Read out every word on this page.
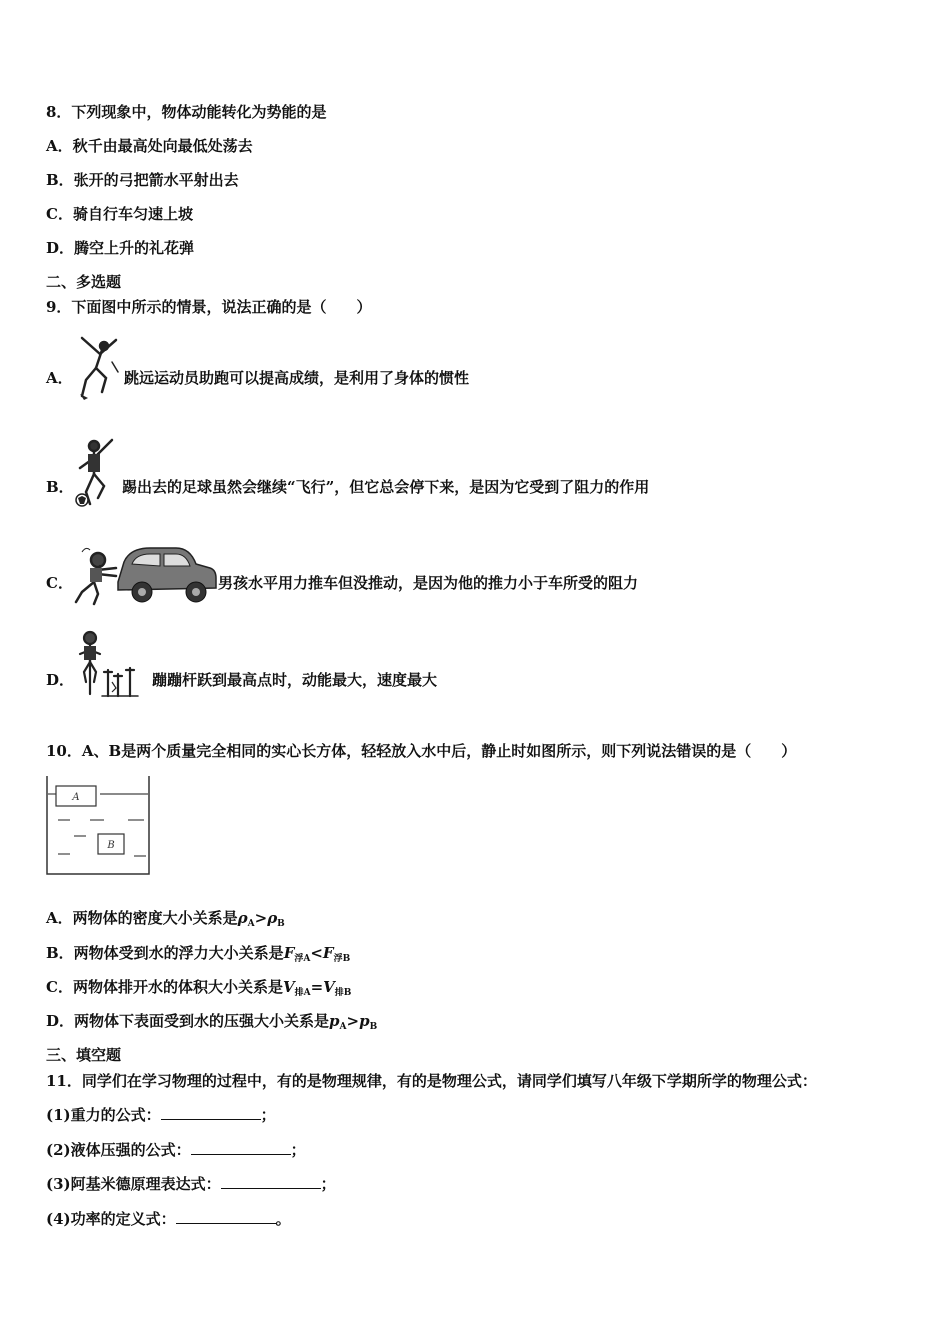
8．下列现象中，物体动能转化为势能的是
A．秋千由最高处向最低处荡去
B．张开的弓把箭水平射出去
C．骑自行车匀速上坡
D．腾空上升的礼花弹
二、多选题
9．下面图中所示的情景，说法正确的是（　　）
A．	跳远运动员助跑可以提高成绩，是利用了身体的惯性
B．	踢出去的足球虽然会继续“飞行”，但它总会停下来，是因为它受到了阻力的作用
C．	男孩水平用力推车但没推动，是因为他的推力小于车所受的阻力
D．	蹦蹦杆跃到最高点时，动能最大，速度最大
10．A、B是两个质量完全相同的实心长方体，轻轻放入水中后，静止时如图所示，则下列说法错误的是（　　）
A
B
A．两物体的密度大小关系是$\rho_A>\rho_B$
B．两物体受到水的浮力大小关系是$F_{浮A}<F_{浮B}$
C．两物体排开水的体积大小关系是$V_{排A}=V_{排B}$
D．两物体下表面受到水的压强大小关系是$p_A>p_B$
三、填空题
11．同学们在学习物理的过程中，有的是物理规律，有的是物理公式，请同学们填写八年级下学期所学的物理公式：
(1)重力的公式：	；
(2)液体压强的公式：	；
(3)阿基米德原理表达式：	；
(4)功率的定义式：	。
